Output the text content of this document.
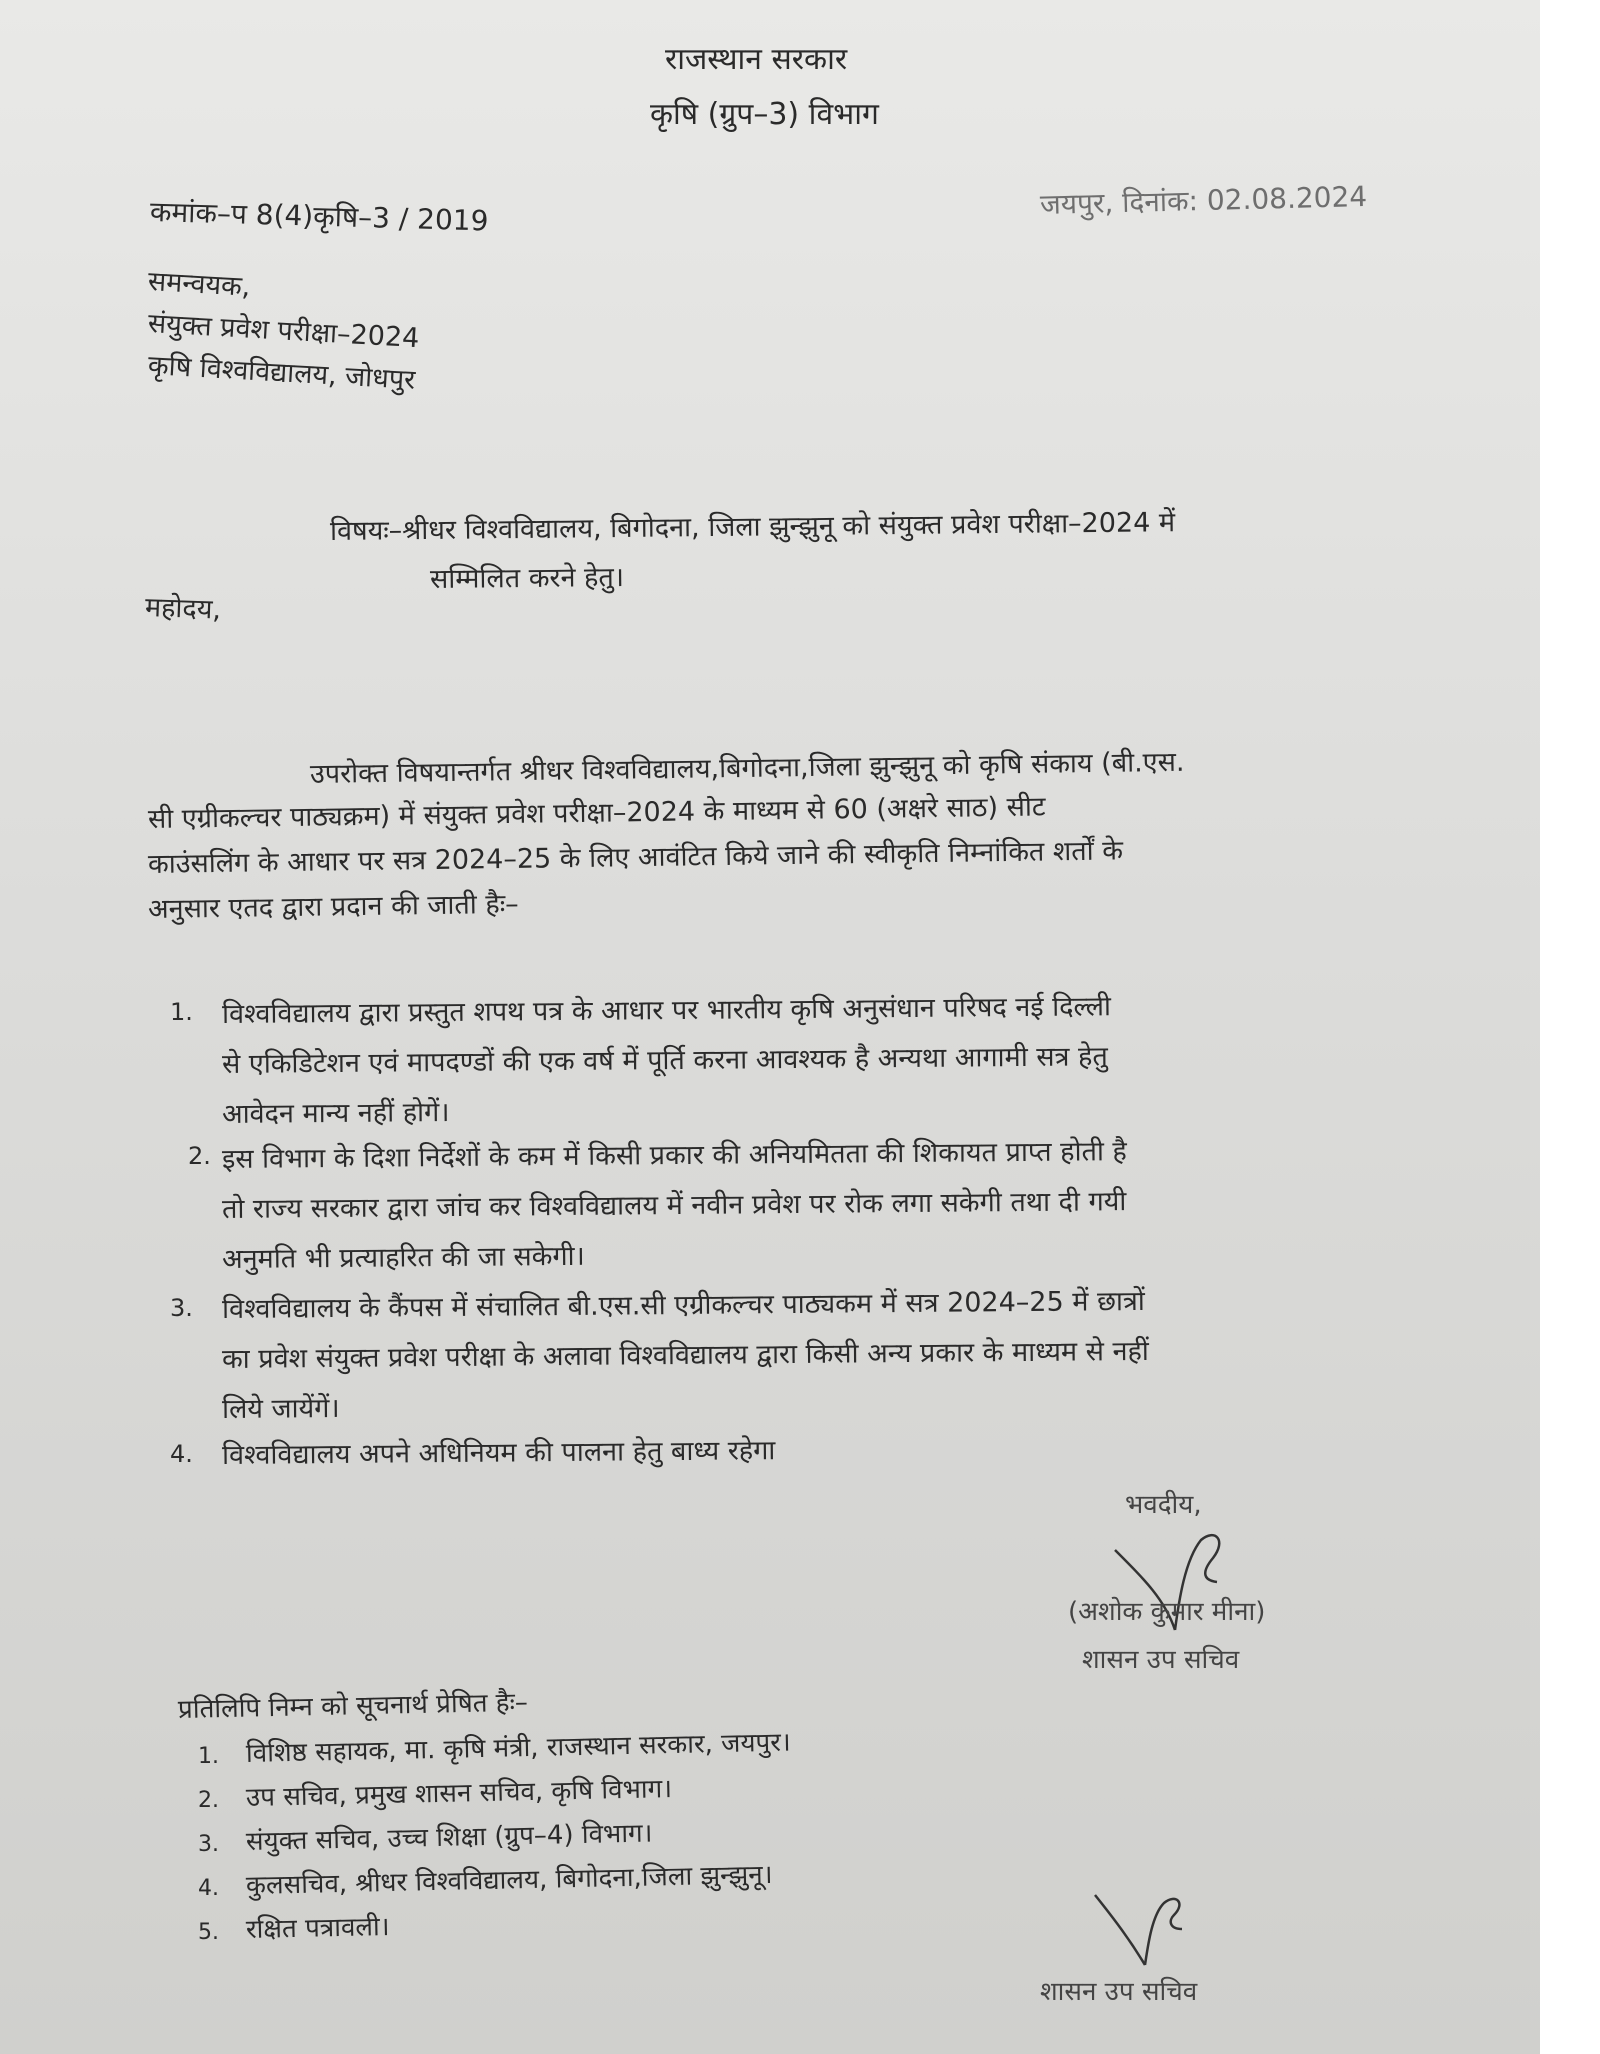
राजस्थान सरकार
कृषि (ग्रुप–3) विभाग
कमांक–प 8(4)कृषि–3 / 2019	जयपुर, दिनांक: 02.08.2024
समन्वयक,
संयुक्त प्रवेश परीक्षा–2024
कृषि विश्वविद्यालय, जोधपुर
विषयः–श्रीधर विश्वविद्यालय, बिगोदना, जिला झुन्झुनू को संयुक्त प्रवेश परीक्षा–2024 में
सम्मिलित करने हेतु।
महोदय,
उपरोक्त विषयान्तर्गत श्रीधर विश्वविद्यालय,बिगोदना,जिला झुन्झुनू को कृषि संकाय (बी.एस.
सी एग्रीकल्चर पाठ्यक्रम) में संयुक्त प्रवेश परीक्षा–2024 के माध्यम से 60 (अक्षरे साठ) सीट
काउंसलिंग के आधार पर सत्र 2024–25 के लिए आवंटित किये जाने की स्वीकृति निम्नांकित शर्तों के
अनुसार एतद द्वारा प्रदान की जाती हैः–
1. विश्वविद्यालय द्वारा प्रस्तुत शपथ पत्र के आधार पर भारतीय कृषि अनुसंधान परिषद नई दिल्ली
से एकिडिटेशन एवं मापदण्डों की एक वर्ष में पूर्ति करना आवश्यक है अन्यथा आगामी सत्र हेतु
आवेदन मान्य नहीं होगें।
2. इस विभाग के दिशा निर्देशों के कम में किसी प्रकार की अनियमितता की शिकायत प्राप्त होती है
तो राज्य सरकार द्वारा जांच कर विश्वविद्यालय में नवीन प्रवेश पर रोक लगा सकेगी तथा दी गयी
अनुमति भी प्रत्याहरित की जा सकेगी।
3. विश्वविद्यालय के कैंपस में संचालित बी.एस.सी एग्रीकल्चर पाठ्यकम में सत्र 2024–25 में छात्रों
का प्रवेश संयुक्त प्रवेश परीक्षा के अलावा विश्वविद्यालय द्वारा किसी अन्य प्रकार के माध्यम से नहीं
लिये जायेंगें।
4. विश्वविद्यालय अपने अधिनियम की पालना हेतु बाध्य रहेगा
भवदीय,
(अशोक कुमार मीना)
शासन उप सचिव
प्रतिलिपि निम्न को सूचनार्थ प्रेषित हैः–
1. विशिष्ठ सहायक, मा. कृषि मंत्री, राजस्थान सरकार, जयपुर।
2. उप सचिव, प्रमुख शासन सचिव, कृषि विभाग।
3. संयुक्त सचिव, उच्च शिक्षा (ग्रुप–4) विभाग।
4. कुलसचिव, श्रीधर विश्वविद्यालय, बिगोदना,जिला झुन्झुनू।
5. रक्षित पत्रावली।
शासन उप सचिव
